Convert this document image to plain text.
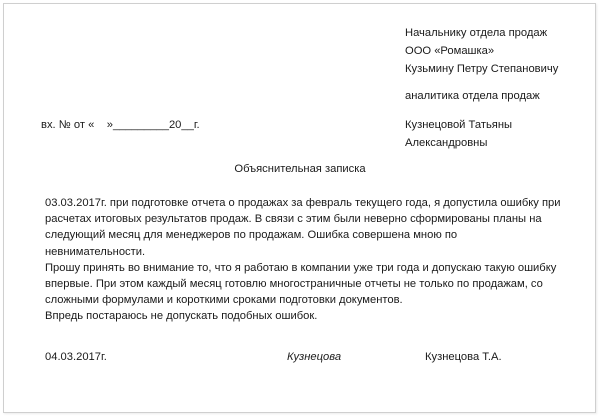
Начальнику отдела продаж
ООО «Ромашка»
Кузьмину Петру Степановичу
аналитика отдела продаж
Кузнецовой Татьяны
Александровны
вх. № от «    »_________20__г.
Объяснительная записка
03.03.2017г. при подготовке отчета о продажах за февраль текущего года, я допустила ошибку при
расчетах итоговых результатов продаж. В связи с этим были неверно сформированы планы на
следующий месяц для менеджеров по продажам. Ошибка совершена мною по
невнимательности.
Прошу принять во внимание то, что я работаю в компании уже три года и допускаю такую ошибку
впервые. При этом каждый месяц готовлю многостраничные отчеты не только по продажам, со
сложными формулами и короткими сроками подготовки документов.
Впредь постараюсь не допускать подобных ошибок.
04.03.2017г.	Кузнецова	Кузнецова Т.А.
